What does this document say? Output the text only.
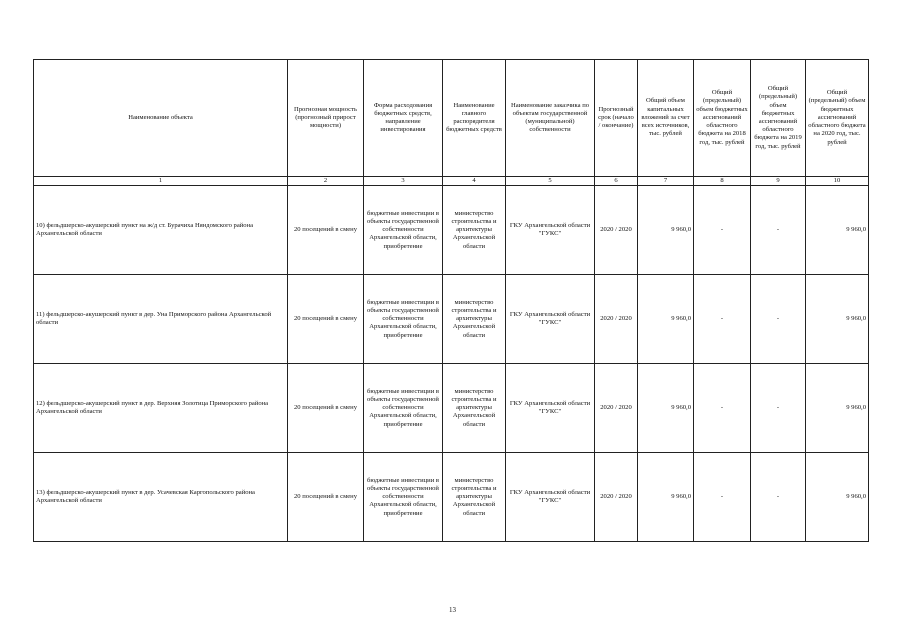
Наименование объекта	Прогнозная мощность (прогнозный прирост мощности)	Форма расходования бюджетных средств, направление инвестирования	Наименование главного распорядителя бюджетных средств	Наименование заказчика по объектам государственной (муниципальной) собственности	Прогнозный срок (начало / окончание)	Общий объем капитальных вложений за счет всех источников, тыс. рублей	Общий (предельный) объем бюджетных ассигнований областного бюджета на 2018 год, тыс. рублей	Общий (предельный) объем бюджетных ассигнований областного бюджета на 2019 год, тыс. рублей	Общий (предельный) объем бюджетных ассигнований областного бюджета на 2020 год, тыс. рублей
1	2	3	4	5	6	7	8	9	10
10) фельдшерско-акушерский пункт на ж/д ст. Бурачиха Няндомского района Архангельской области	20 посещений в смену	бюджетные инвестиции в объекты государственной собственности Архангельской области, приобретение	министерство строительства и архитектуры Архангельской области	ГКУ Архангельской области "ГУКС"	2020 / 2020	9 960,0	-	-	9 960,0
11) фельдшерско-акушерский пункт в дер. Уна Приморского района Архангельской области	20 посещений в смену	бюджетные инвестиции в объекты государственной собственности Архангельской области, приобретение	министерство строительства и архитектуры Архангельской области	ГКУ Архангельской области "ГУКС"	2020 / 2020	9 960,0	-	-	9 960,0
12) фельдшерско-акушерский пункт в дер. Верхняя Золотица Приморского района Архангельской области	20 посещений в смену	бюджетные инвестиции в объекты государственной собственности Архангельской области, приобретение	министерство строительства и архитектуры Архангельской области	ГКУ Архангельской области "ГУКС"	2020 / 2020	9 960,0	-	-	9 960,0
13) фельдшерско-акушерский пункт в дер. Усачевская Каргопольского района Архангельской области	20 посещений в смену	бюджетные инвестиции в объекты государственной собственности Архангельской области, приобретение	министерство строительства и архитектуры Архангельской области	ГКУ Архангельской области "ГУКС"	2020 / 2020	9 960,0	-	-	9 960,0
13
